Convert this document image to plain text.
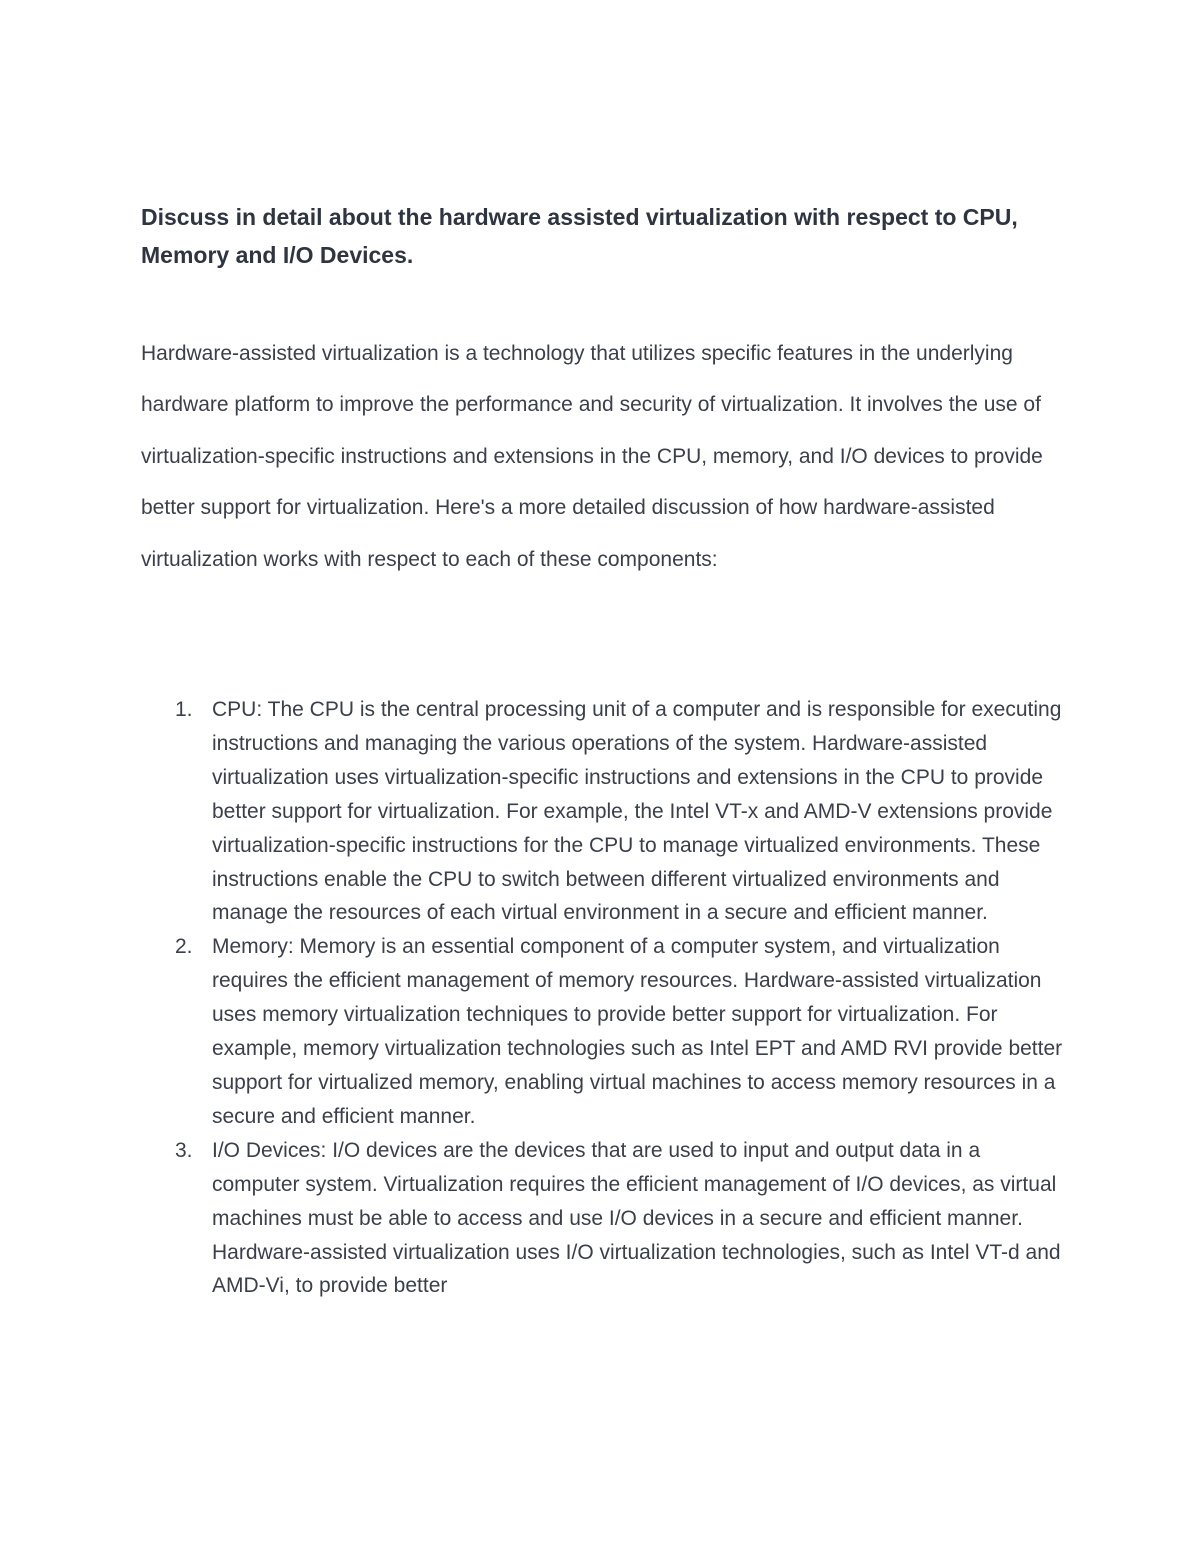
Discuss in detail about the hardware assisted virtualization with respect to CPU, Memory and I/O Devices.

Hardware-assisted virtualization is a technology that utilizes specific features in the underlying hardware platform to improve the performance and security of virtualization. It involves the use of virtualization-specific instructions and extensions in the CPU, memory, and I/O devices to provide better support for virtualization. Here's a more detailed discussion of how hardware-assisted virtualization works with respect to each of these components:

1. CPU: The CPU is the central processing unit of a computer and is responsible for executing instructions and managing the various operations of the system. Hardware-assisted virtualization uses virtualization-specific instructions and extensions in the CPU to provide better support for virtualization. For example, the Intel VT-x and AMD-V extensions provide virtualization-specific instructions for the CPU to manage virtualized environments. These instructions enable the CPU to switch between different virtualized environments and manage the resources of each virtual environment in a secure and efficient manner.
2. Memory: Memory is an essential component of a computer system, and virtualization requires the efficient management of memory resources. Hardware-assisted virtualization uses memory virtualization techniques to provide better support for virtualization. For example, memory virtualization technologies such as Intel EPT and AMD RVI provide better support for virtualized memory, enabling virtual machines to access memory resources in a secure and efficient manner.
3. I/O Devices: I/O devices are the devices that are used to input and output data in a computer system. Virtualization requires the efficient management of I/O devices, as virtual machines must be able to access and use I/O devices in a secure and efficient manner. Hardware-assisted virtualization uses I/O virtualization technologies, such as Intel VT-d and AMD-Vi, to provide better
